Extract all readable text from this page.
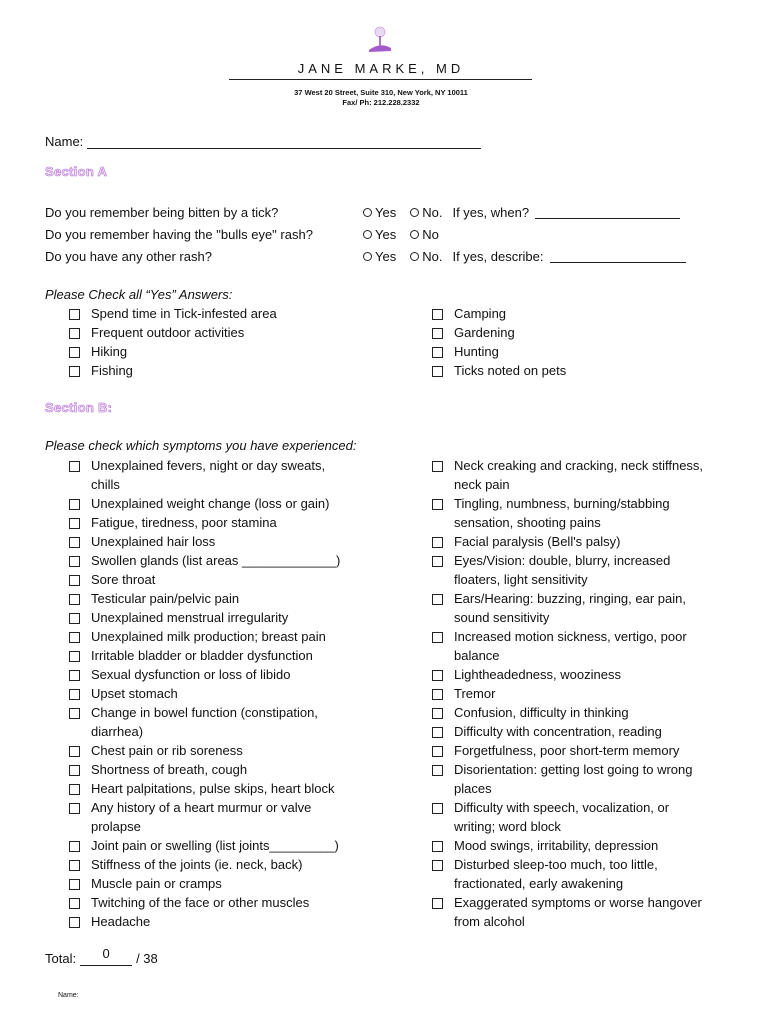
JANE MARKE, MD
37 West 20 Street, Suite 310, New York, NY 10011
Fax/ Ph: 212.228.2332
Name:
Section A
Do you remember being bitten by a tick?	Yes No. If yes, when?
Do you remember having the "bulls eye" rash?	Yes No
Do you have any other rash?	Yes No. If yes, describe:
Please Check all “Yes” Answers:
Spend time in Tick-infested area
Frequent outdoor activities
Hiking
Fishing
Camping
Gardening
Hunting
Ticks noted on pets
Section B:
Please check which symptoms you have experienced:
Unexplained fevers, night or day sweats,
chills
Unexplained weight change (loss or gain)
Fatigue, tiredness, poor stamina
Unexplained hair loss
Swollen glands (list areas _____________)
Sore throat
Testicular pain/pelvic pain
Unexplained menstrual irregularity
Unexplained milk production; breast pain
Irritable bladder or bladder dysfunction
Sexual dysfunction or loss of libido
Upset stomach
Change in bowel function (constipation,
diarrhea)
Chest pain or rib soreness
Shortness of breath, cough
Heart palpitations, pulse skips, heart block
Any history of a heart murmur or valve
prolapse
Joint pain or swelling (list joints_________)
Stiffness of the joints (ie. neck, back)
Muscle pain or cramps
Twitching of the face or other muscles
Headache
Neck creaking and cracking, neck stiffness,
neck pain
Tingling, numbness, burning/stabbing
sensation, shooting pains
Facial paralysis (Bell's palsy)
Eyes/Vision: double, blurry, increased
floaters, light sensitivity
Ears/Hearing: buzzing, ringing, ear pain,
sound sensitivity
Increased motion sickness, vertigo, poor
balance
Lightheadedness, wooziness
Tremor
Confusion, difficulty in thinking
Difficulty with concentration, reading
Forgetfulness, poor short-term memory
Disorientation: getting lost going to wrong
places
Difficulty with speech, vocalization, or
writing; word block
Mood swings, irritability, depression
Disturbed sleep-too much, too little,
fractionated, early awakening
Exaggerated symptoms or worse hangover
from alcohol
Total:	0	/ 38
Name:
